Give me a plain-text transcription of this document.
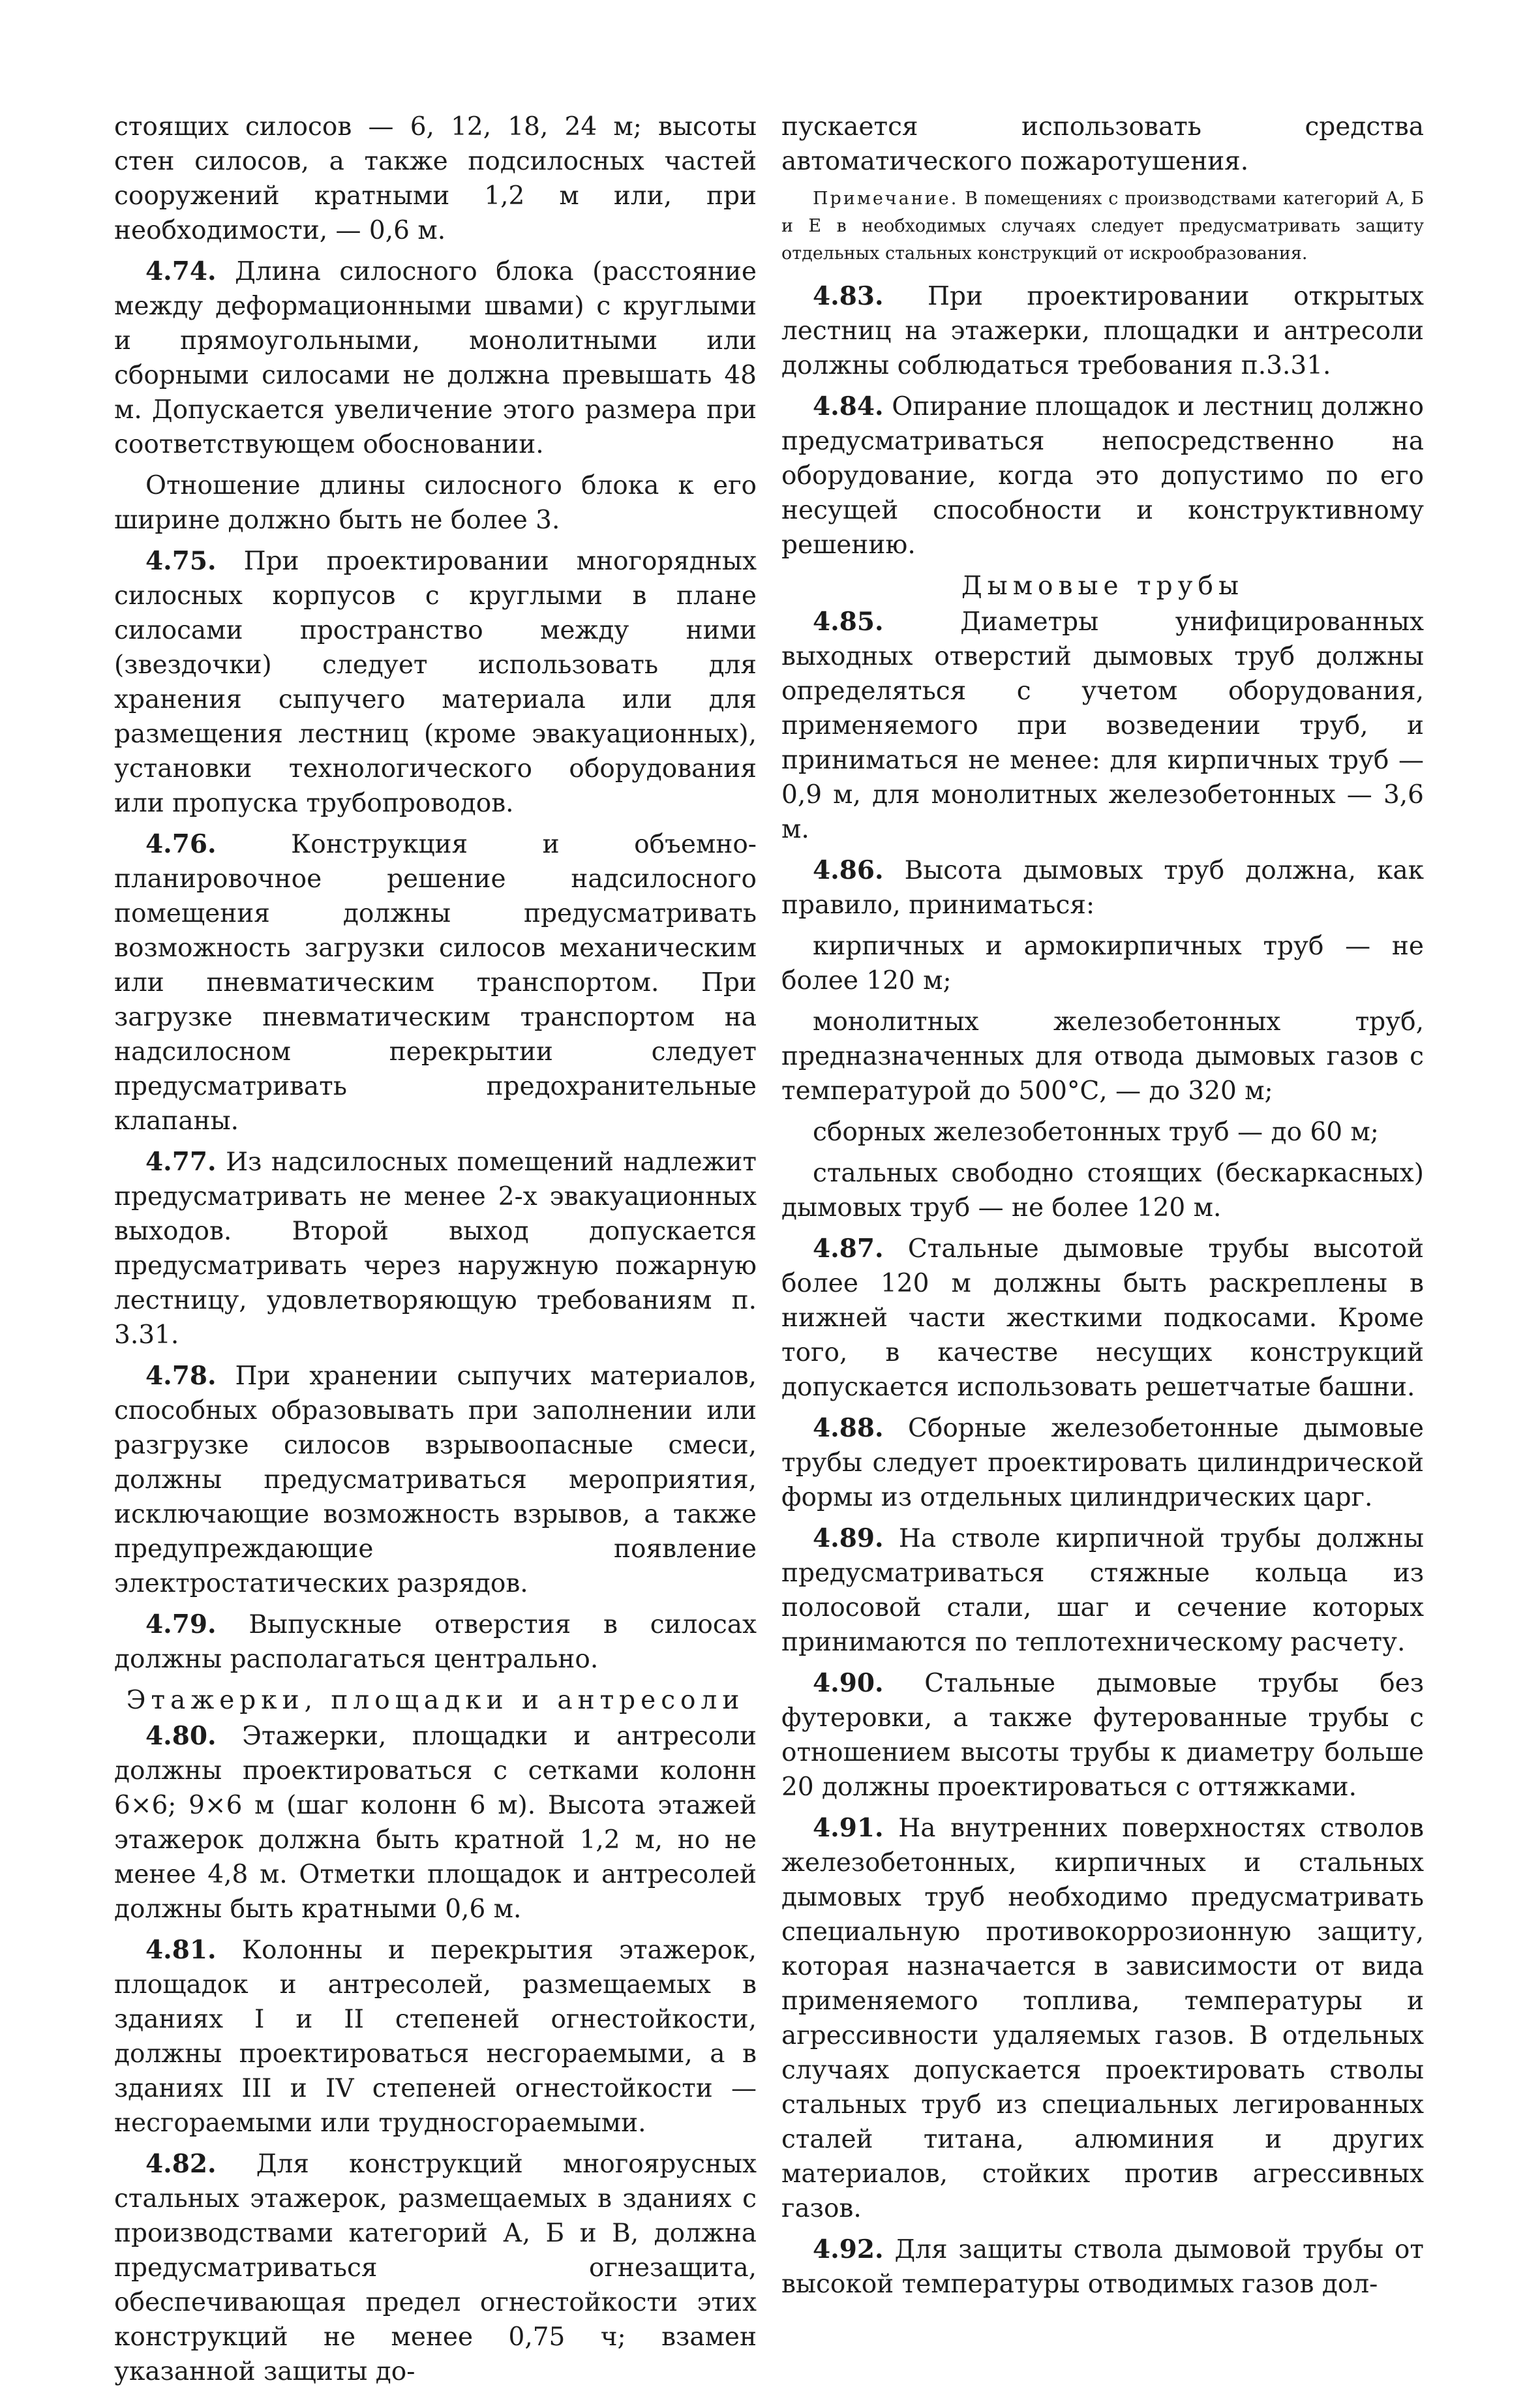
стоящих силосов — 6, 12, 18, 24 м; высоты стен силосов, а также подсилосных частей сооружений кратными 1,2 м или, при необходимости, — 0,6 м.

4.74. Длина силосного блока (расстояние между деформационными швами) с круглыми и прямоугольными, монолитными или сборными силосами не должна превышать 48 м. Допускается увеличение этого размера при соответствующем обосновании.

Отношение длины силосного блока к его ширине должно быть не более 3.

4.75. При проектировании многорядных силосных корпусов с круглыми в плане силосами пространство между ними (звездочки) следует использовать для хранения сыпучего материала или для размещения лестниц (кроме эвакуационных), установки технологического оборудования или пропуска трубопроводов.

4.76. Конструкция и объемно-планировочное решение надсилосного помещения должны предусматривать возможность загрузки силосов механическим или пневматическим транспортом. При загрузке пневматическим транспортом на надсилосном перекрытии следует предусматривать предохранительные клапаны.

4.77. Из надсилосных помещений надлежит предусматривать не менее 2-х эвакуационных выходов. Второй выход допускается предусматривать через наружную пожарную лестницу, удовлетворяющую требованиям п. 3.31.

4.78. При хранении сыпучих материалов, способных образовывать при заполнении или разгрузке силосов взрывоопасные смеси, должны предусматриваться мероприятия, исключающие возможность взрывов, а также предупреждающие появление электростатических разрядов.

4.79. Выпускные отверстия в силосах должны располагаться центрально.

Этажерки, площадки и антресоли

4.80. Этажерки, площадки и антресоли должны проектироваться с сетками колонн 6×6; 9×6 м (шаг колонн 6 м). Высота этажей этажерок должна быть кратной 1,2 м, но не менее 4,8 м. Отметки площадок и антресолей должны быть кратными 0,6 м.

4.81. Колонны и перекрытия этажерок, площадок и антресолей, размещаемых в зданиях I и II степеней огнестойкости, должны проектироваться несгораемыми, а в зданиях III и IV степеней огнестойкости — несгораемыми или трудносгораемыми.

4.82. Для конструкций многоярусных стальных этажерок, размещаемых в зданиях с производствами категорий А, Б и В, должна предусматриваться огнезащита, обеспечивающая предел огнестойкости этих конструкций не менее 0,75 ч; взамен указанной защиты до-

пускается использовать средства автоматического пожаротушения.

Примечание. В помещениях с производствами категорий А, Б и Е в необходимых случаях следует предусматривать защиту отдельных стальных конструкций от искрообразования.

4.83. При проектировании открытых лестниц на этажерки, площадки и антресоли должны соблюдаться требования п.3.31.

4.84. Опирание площадок и лестниц должно предусматриваться непосредственно на оборудование, когда это допустимо по его несущей способности и конструктивному решению.

Дымовые трубы

4.85. Диаметры унифицированных выходных отверстий дымовых труб должны определяться с учетом оборудования, применяемого при возведении труб, и приниматься не менее: для кирпичных труб — 0,9 м, для монолитных железобетонных — 3,6 м.

4.86. Высота дымовых труб должна, как правило, приниматься:

кирпичных и армокирпичных труб — не более 120 м;

монолитных железобетонных труб, предназначенных для отвода дымовых газов с температурой до 500°С, — до 320 м;

сборных железобетонных труб — до 60 м;

стальных свободно стоящих (бескаркасных) дымовых труб — не более 120 м.

4.87. Стальные дымовые трубы высотой более 120 м должны быть раскреплены в нижней части жесткими подкосами. Кроме того, в качестве несущих конструкций допускается использовать решетчатые башни.

4.88. Сборные железобетонные дымовые трубы следует проектировать цилиндрической формы из отдельных цилиндрических царг.

4.89. На стволе кирпичной трубы должны предусматриваться стяжные кольца из полосовой стали, шаг и сечение которых принимаются по теплотехническому расчету.

4.90. Стальные дымовые трубы без футеровки, а также футерованные трубы с отношением высоты трубы к диаметру больше 20 должны проектироваться с оттяжками.

4.91. На внутренних поверхностях стволов железобетонных, кирпичных и стальных дымовых труб необходимо предусматривать специальную противокоррозионную защиту, которая назначается в зависимости от вида применяемого топлива, температуры и агрессивности удаляемых газов. В отдельных случаях допускается проектировать стволы стальных труб из специальных легированных сталей титана, алюминия и других материалов, стойких против агрессивных газов.

4.92. Для защиты ствола дымовой трубы от высокой температуры отводимых газов дол-
